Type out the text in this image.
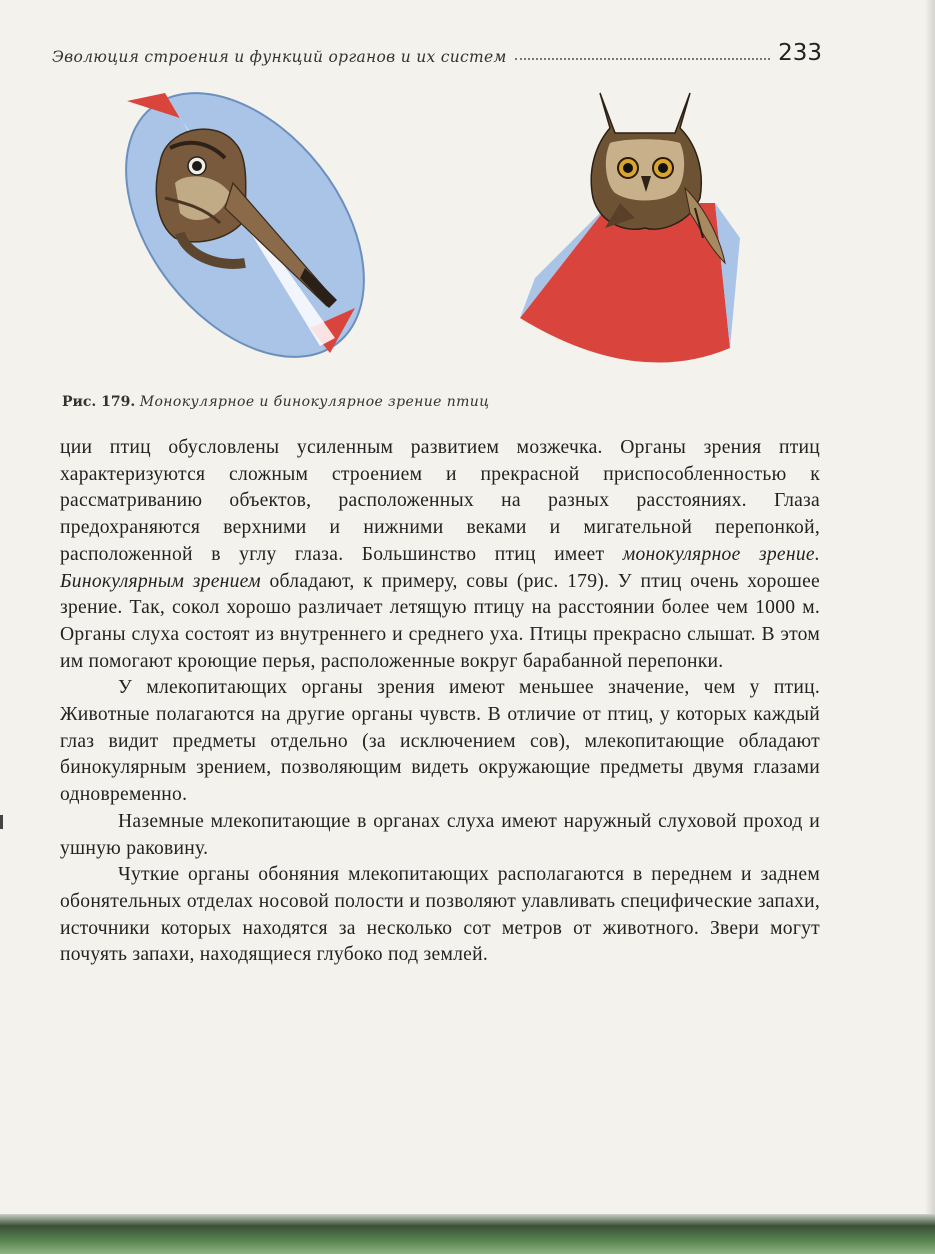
Эволюция строения и функций органов и их систем	233
Рис. 179. Монокулярное и бинокулярное зрение птиц

ции птиц обусловлены усиленным развитием мозжечка. Органы зрения птиц характеризуются сложным строением и прекрасной приспособленностью к рассматриванию объектов, расположенных на разных расстояниях. Глаза предохраняются верхними и нижними веками и мигательной перепонкой, расположенной в углу глаза. Большинство птиц имеет монокулярное зрение. Бинокулярным зрением обладают, к примеру, совы (рис. 179). У птиц очень хорошее зрение. Так, сокол хорошо различает летящую птицу на расстоянии более чем 1000 м. Органы слуха состоят из внутреннего и среднего уха. Птицы прекрасно слышат. В этом им помогают кроющие перья, расположенные вокруг барабанной перепонки.

У млекопитающих органы зрения имеют меньшее значение, чем у птиц. Животные полагаются на другие органы чувств. В отличие от птиц, у которых каждый глаз видит предметы отдельно (за исключением сов), млекопитающие обладают бинокулярным зрением, позволяющим видеть окружающие предметы двумя глазами одновременно.

Наземные млекопитающие в органах слуха имеют наружный слуховой проход и ушную раковину.

Чуткие органы обоняния млекопитающих располагаются в переднем и заднем обонятельных отделах носовой полости и позволяют улавливать специфические запахи, источники которых находятся за несколько сот метров от животного. Звери могут почуять запахи, находящиеся глубоко под землей.
